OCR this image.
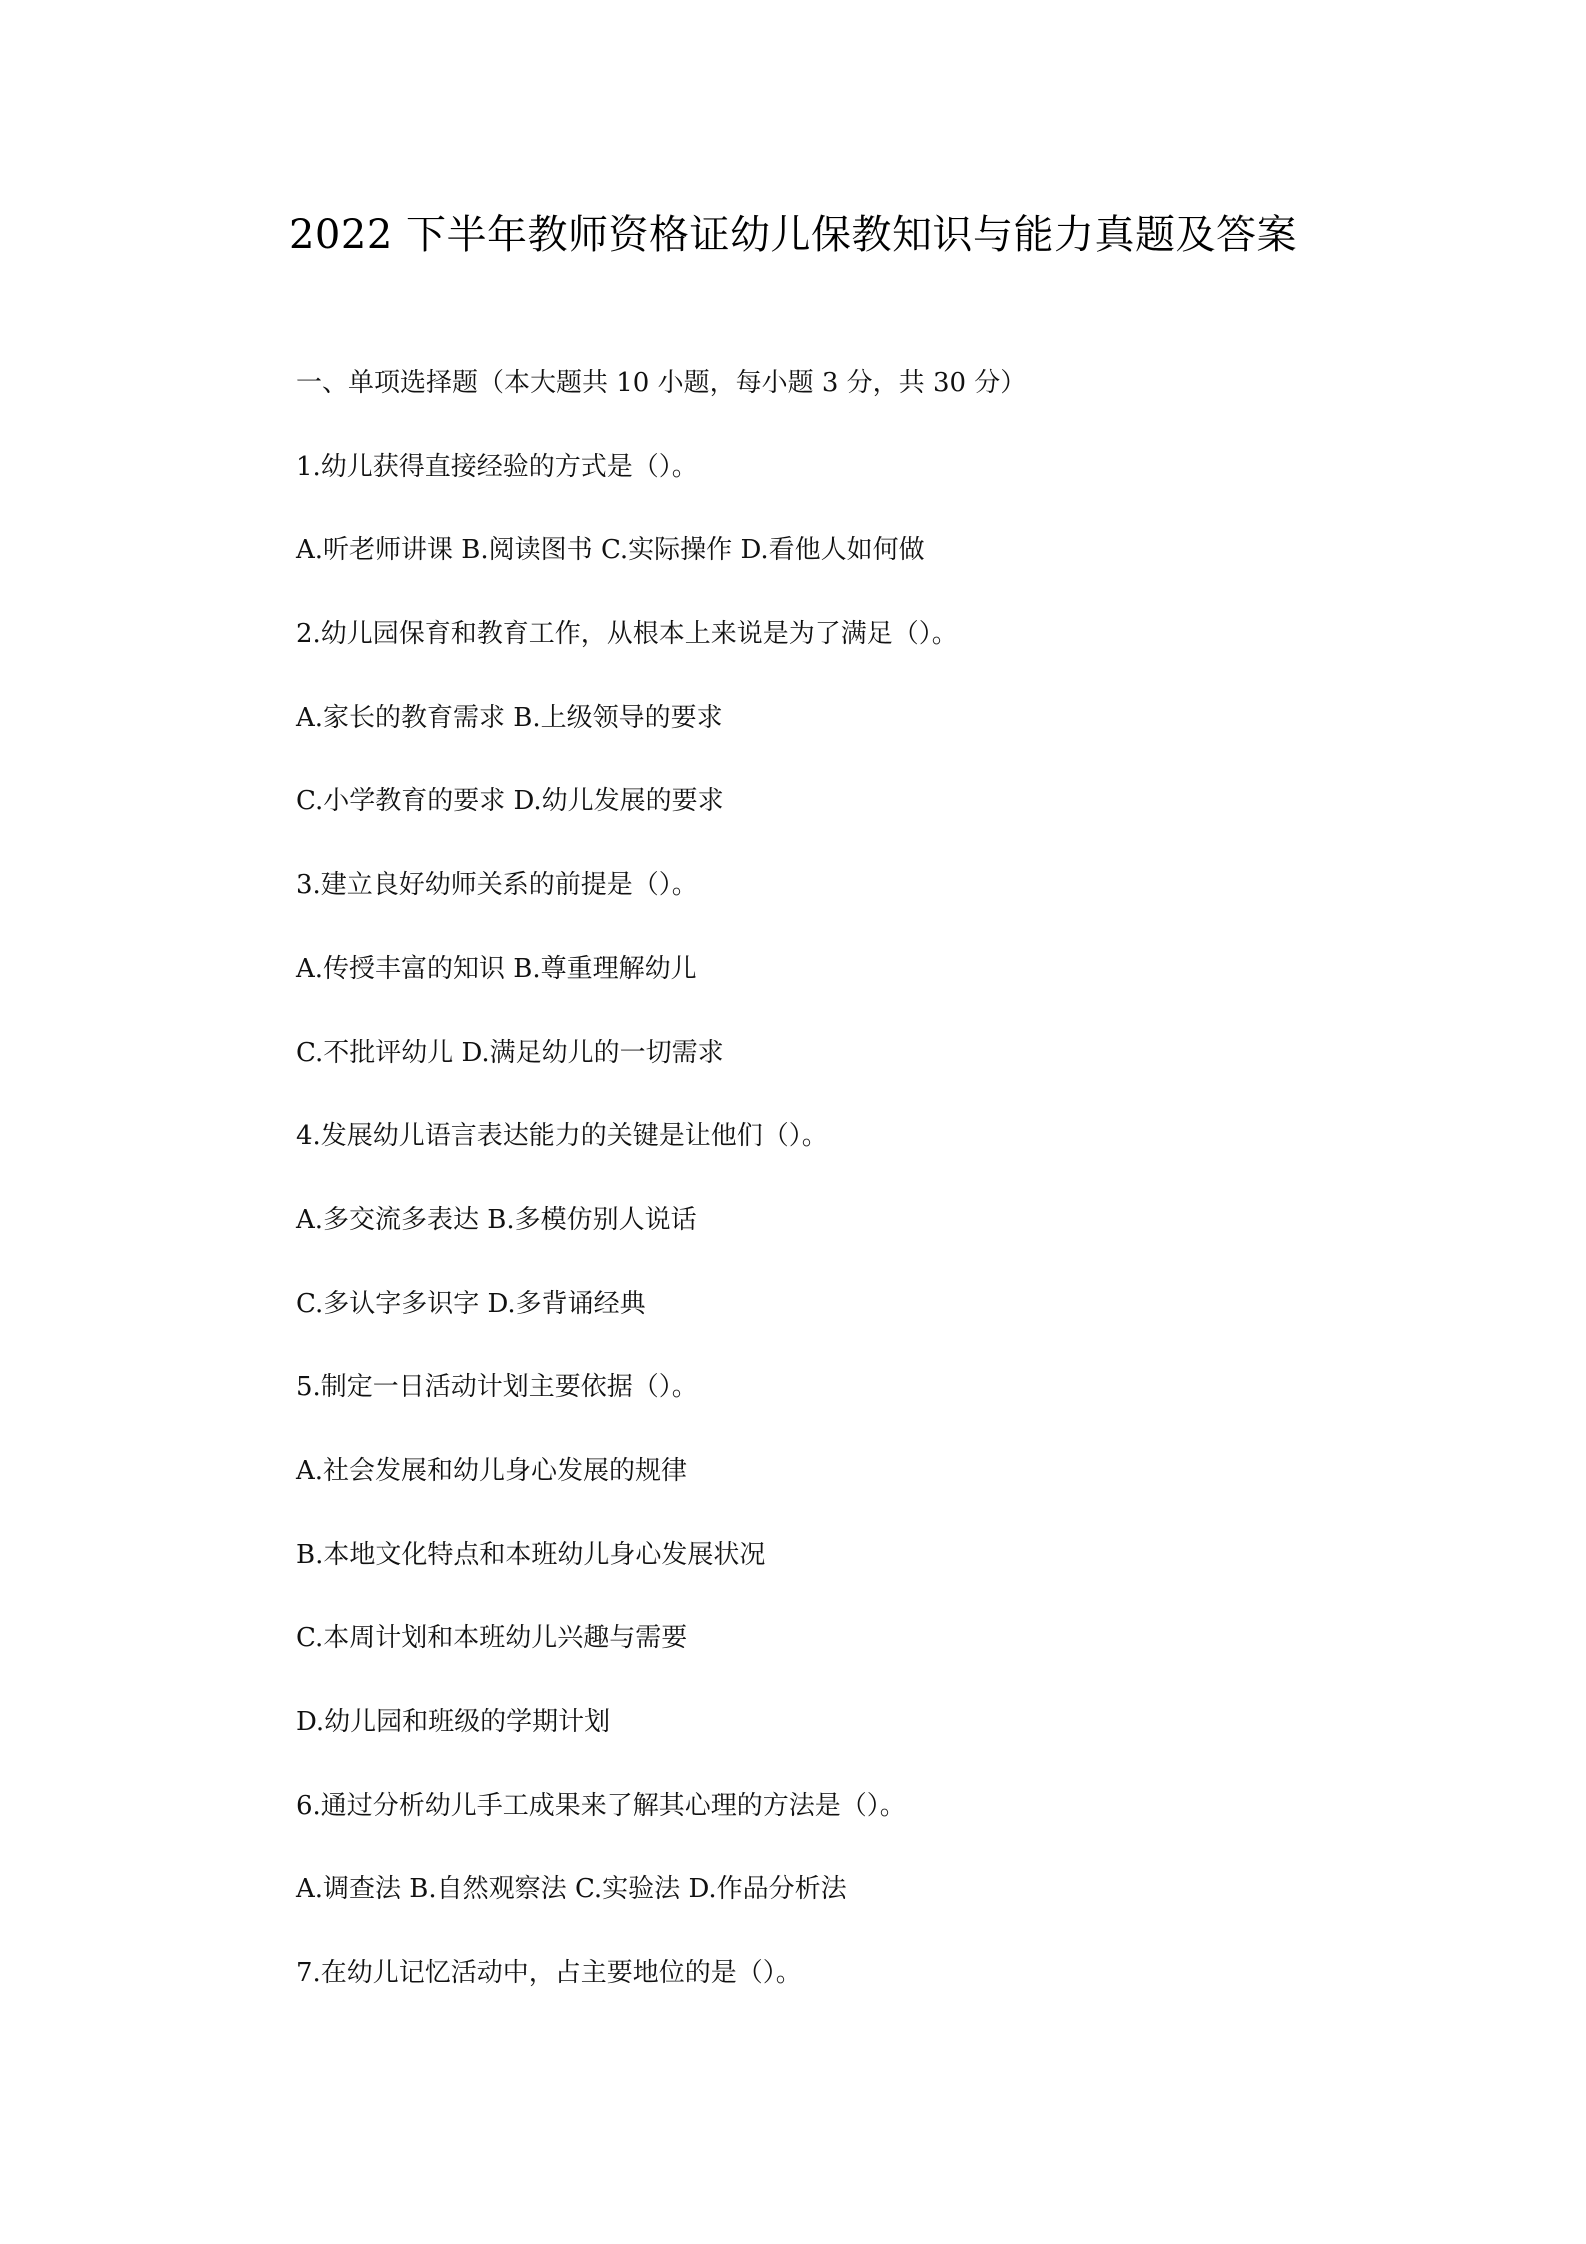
2022 下半年教师资格证幼儿保教知识与能力真题及答案
一、单项选择题（本大题共 10 小题，每小题 3 分，共 30 分）
1.幼儿获得直接经验的方式是（）。
A.听老师讲课 B.阅读图书 C.实际操作 D.看他人如何做
2.幼儿园保育和教育工作，从根本上来说是为了满足（）。
A.家长的教育需求 B.上级领导的要求
C.小学教育的要求 D.幼儿发展的要求
3.建立良好幼师关系的前提是（）。
A.传授丰富的知识 B.尊重理解幼儿
C.不批评幼儿 D.满足幼儿的一切需求
4.发展幼儿语言表达能力的关键是让他们（）。
A.多交流多表达 B.多模仿别人说话
C.多认字多识字 D.多背诵经典
5.制定一日活动计划主要依据（）。
A.社会发展和幼儿身心发展的规律
B.本地文化特点和本班幼儿身心发展状况
C.本周计划和本班幼儿兴趣与需要
D.幼儿园和班级的学期计划
6.通过分析幼儿手工成果来了解其心理的方法是（）。
A.调查法 B.自然观察法 C.实验法 D.作品分析法
7.在幼儿记忆活动中，占主要地位的是（）。
